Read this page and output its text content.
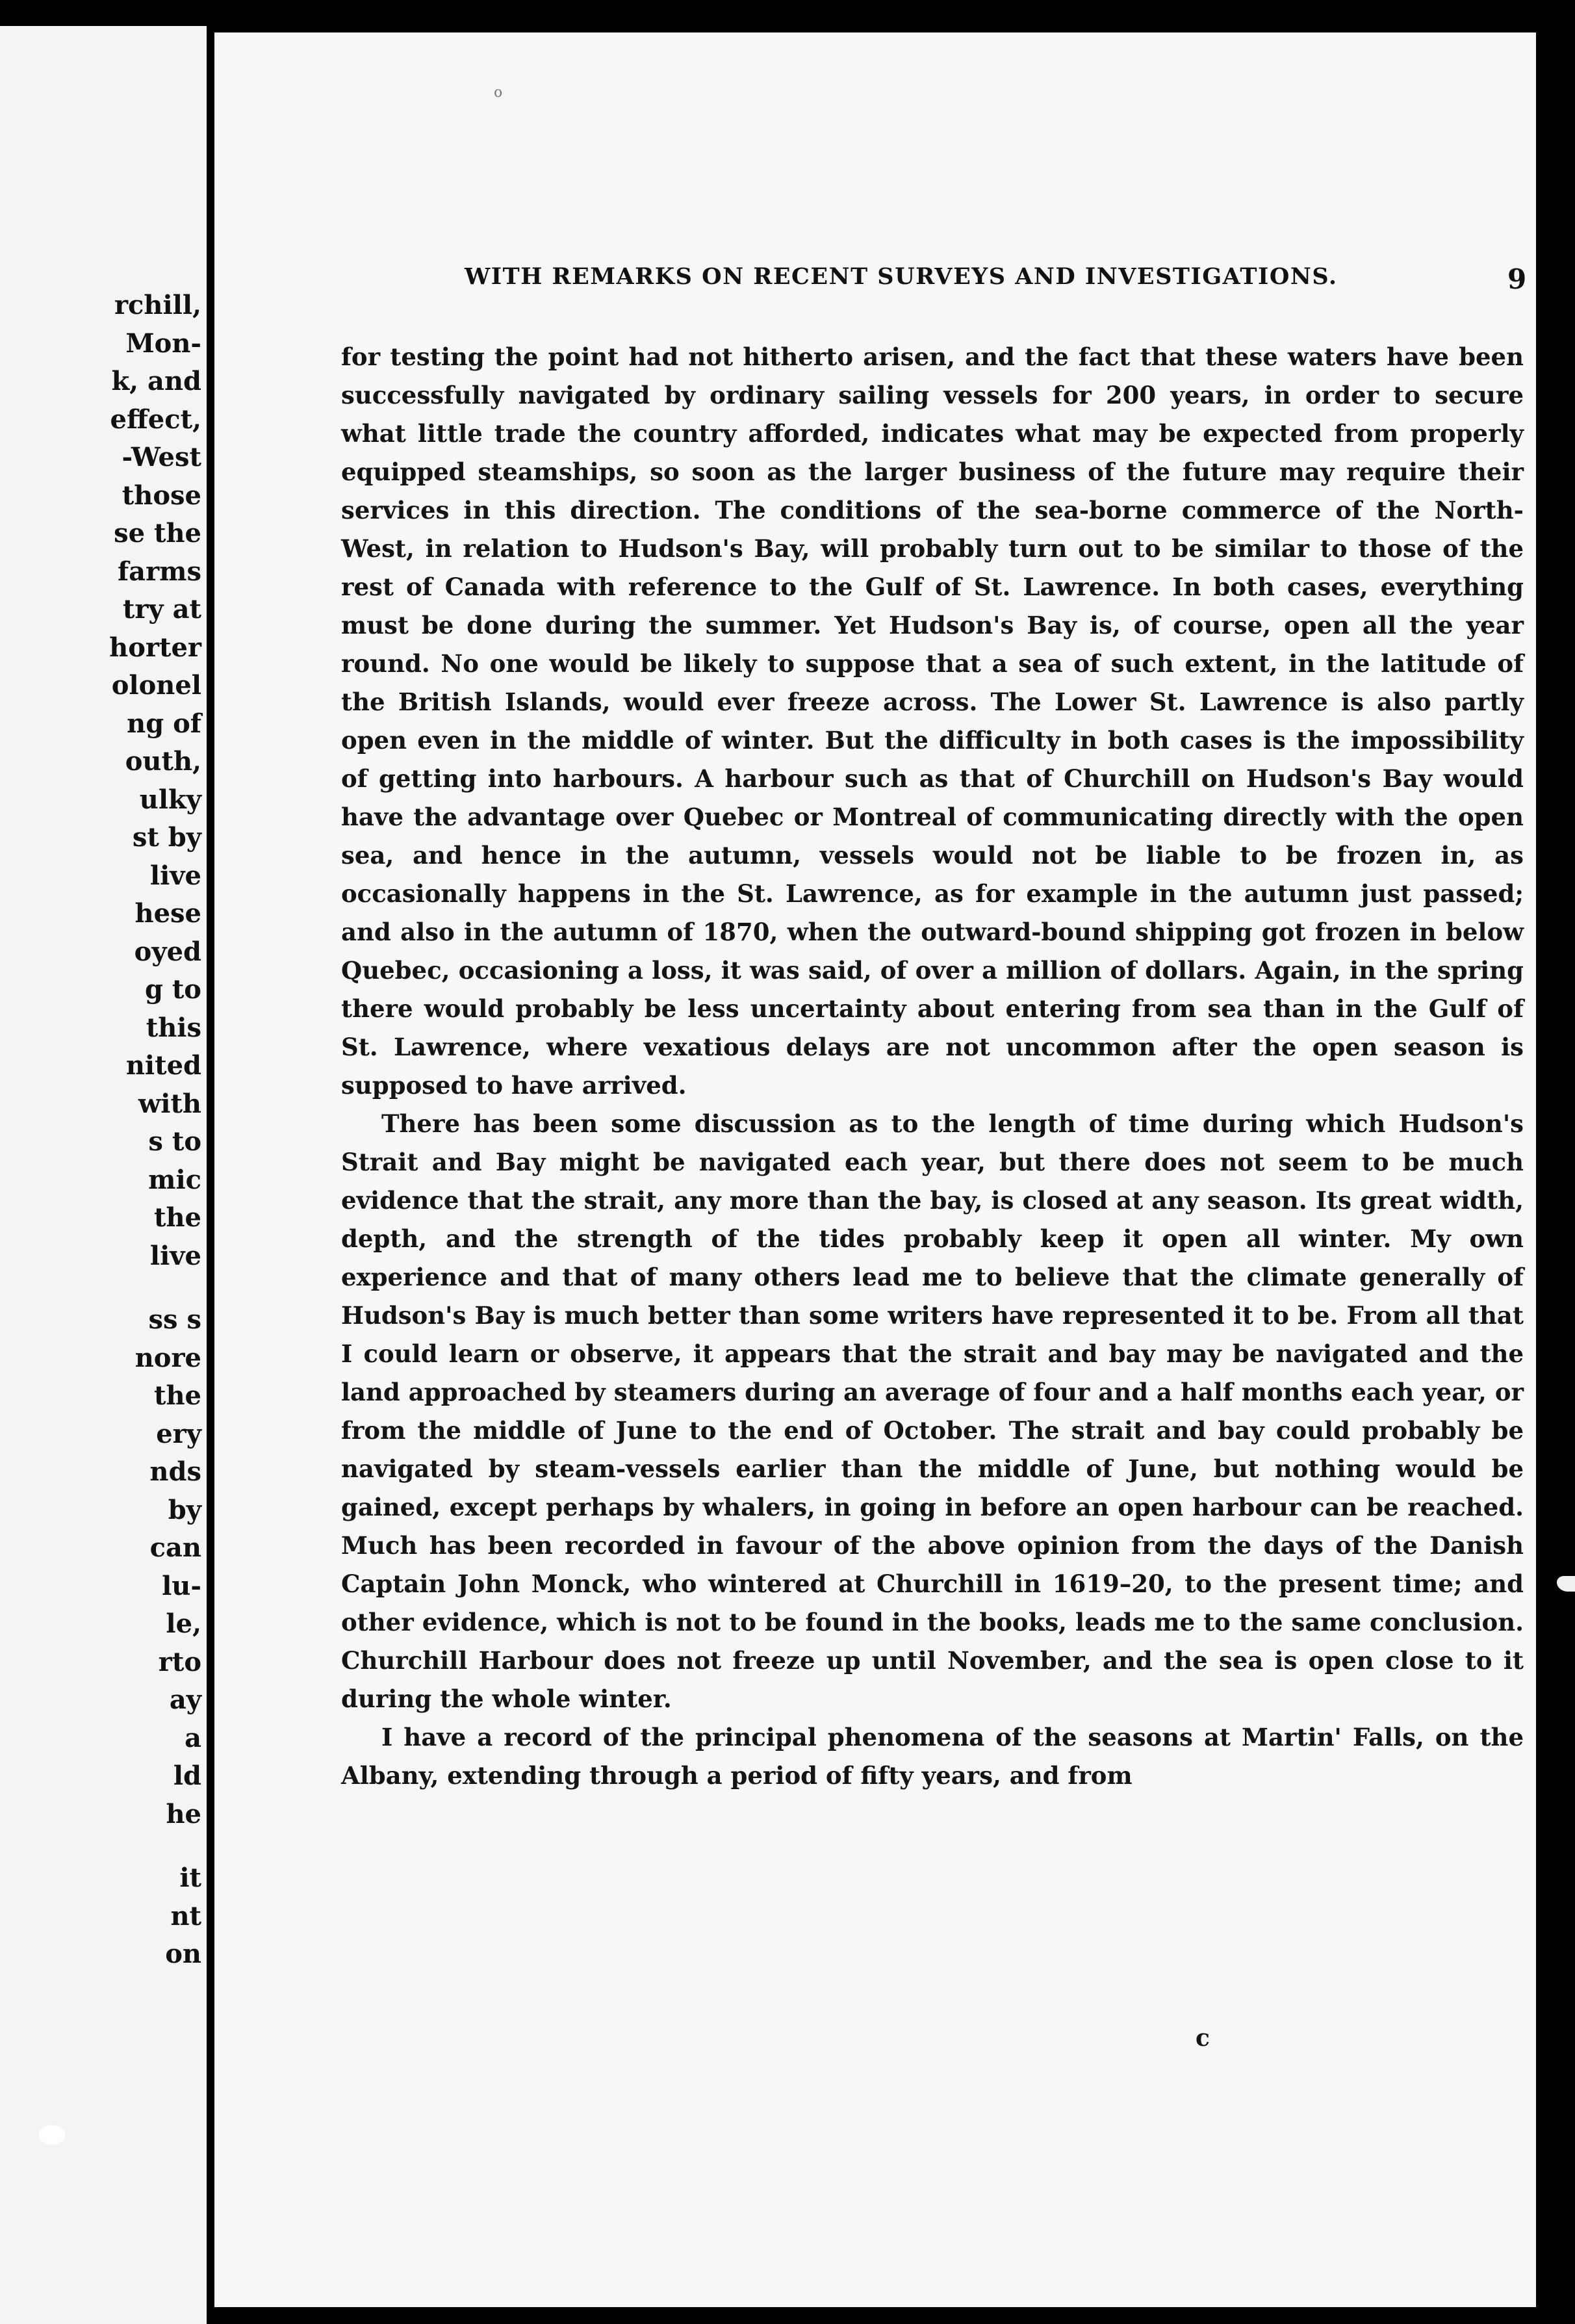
rchill,
Mon-
k, and
effect,
-West
those
se the
farms
try at
horter
olonel
ng of
outh,
ulky
st by
live
hese
oyed
g to
this
nited
with
s to
mic
the
live
ss s
nore
the
ery
nds
by
can
lu-
le,
rto
ay
a
ld
he
it
nt
on
o
WITH REMARKS ON RECENT SURVEYS AND INVESTIGATIONS.	9

for testing the point had not hitherto arisen, and the fact that these waters have been successfully navigated by ordinary sailing vessels for 200 years, in order to secure what little trade the country afforded, indicates what may be expected from properly equipped steamships, so soon as the larger business of the future may require their services in this direction. The conditions of the sea-borne commerce of the North-West, in relation to Hudson's Bay, will probably turn out to be similar to those of the rest of Canada with reference to the Gulf of St. Lawrence. In both cases, everything must be done during the summer. Yet Hudson's Bay is, of course, open all the year round. No one would be likely to suppose that a sea of such extent, in the latitude of the British Islands, would ever freeze across. The Lower St. Lawrence is also partly open even in the middle of winter. But the difficulty in both cases is the impossibility of getting into harbours. A harbour such as that of Churchill on Hudson's Bay would have the advantage over Quebec or Montreal of communicating directly with the open sea, and hence in the autumn, vessels would not be liable to be frozen in, as occasionally happens in the St. Lawrence, as for example in the autumn just passed; and also in the autumn of 1870, when the outward-bound shipping got frozen in below Quebec, occasioning a loss, it was said, of over a million of dollars. Again, in the spring there would probably be less uncertainty about entering from sea than in the Gulf of St. Lawrence, where vexatious delays are not uncommon after the open season is supposed to have arrived.

There has been some discussion as to the length of time during which Hudson's Strait and Bay might be navigated each year, but there does not seem to be much evidence that the strait, any more than the bay, is closed at any season. Its great width, depth, and the strength of the tides probably keep it open all winter. My own experience and that of many others lead me to believe that the climate generally of Hudson's Bay is much better than some writers have represented it to be. From all that I could learn or observe, it appears that the strait and bay may be navigated and the land approached by steamers during an average of four and a half months each year, or from the middle of June to the end of October. The strait and bay could probably be navigated by steam-vessels earlier than the middle of June, but nothing would be gained, except perhaps by whalers, in going in before an open harbour can be reached. Much has been recorded in favour of the above opinion from the days of the Danish Captain John Monck, who wintered at Churchill in 1619–20, to the present time; and other evidence, which is not to be found in the books, leads me to the same conclusion. Churchill Harbour does not freeze up until November, and the sea is open close to it during the whole winter.

I have a record of the principal phenomena of the seasons at Martin' Falls, on the Albany, extending through a period of fifty years, and from

c
